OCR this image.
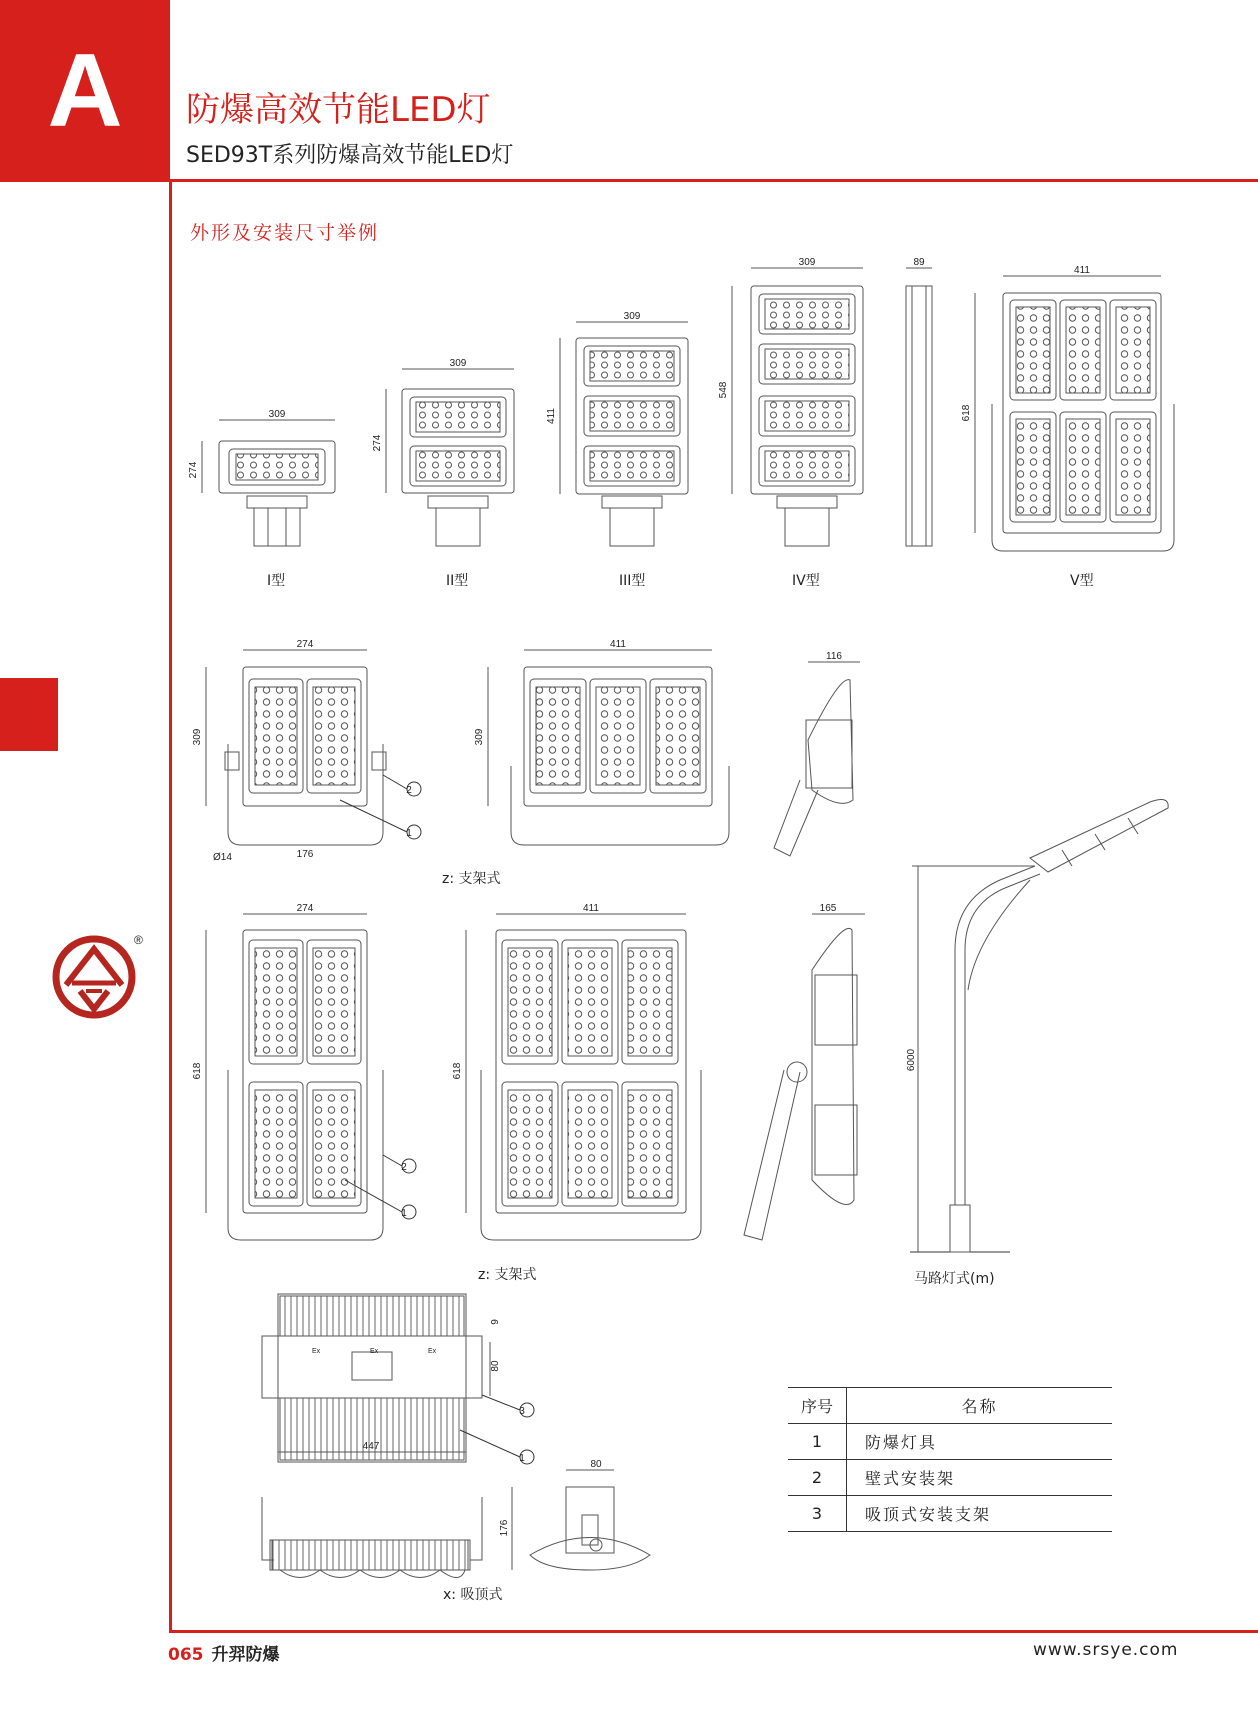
A	防爆高效节能LED灯
SED93T系列防爆高效节能LED灯
外形及安装尺寸举例
®
2
1
2
1
3
1
309
274
309
274
309
411
309
548
89
411
618
274
309
411
309
116
176
Ø14
274
618
411
618
165
6000
9
80
447
80
176
Ex	Ex	Ex
I型	II型	III型	IV型	V型
z: 支架式
z: 支架式	马路灯式(m)
x: 吸顶式
序号	名称
1	防爆灯具
2	壁式安装架
3	吸顶式安装支架
065 升羿防爆	www.srsye.com
